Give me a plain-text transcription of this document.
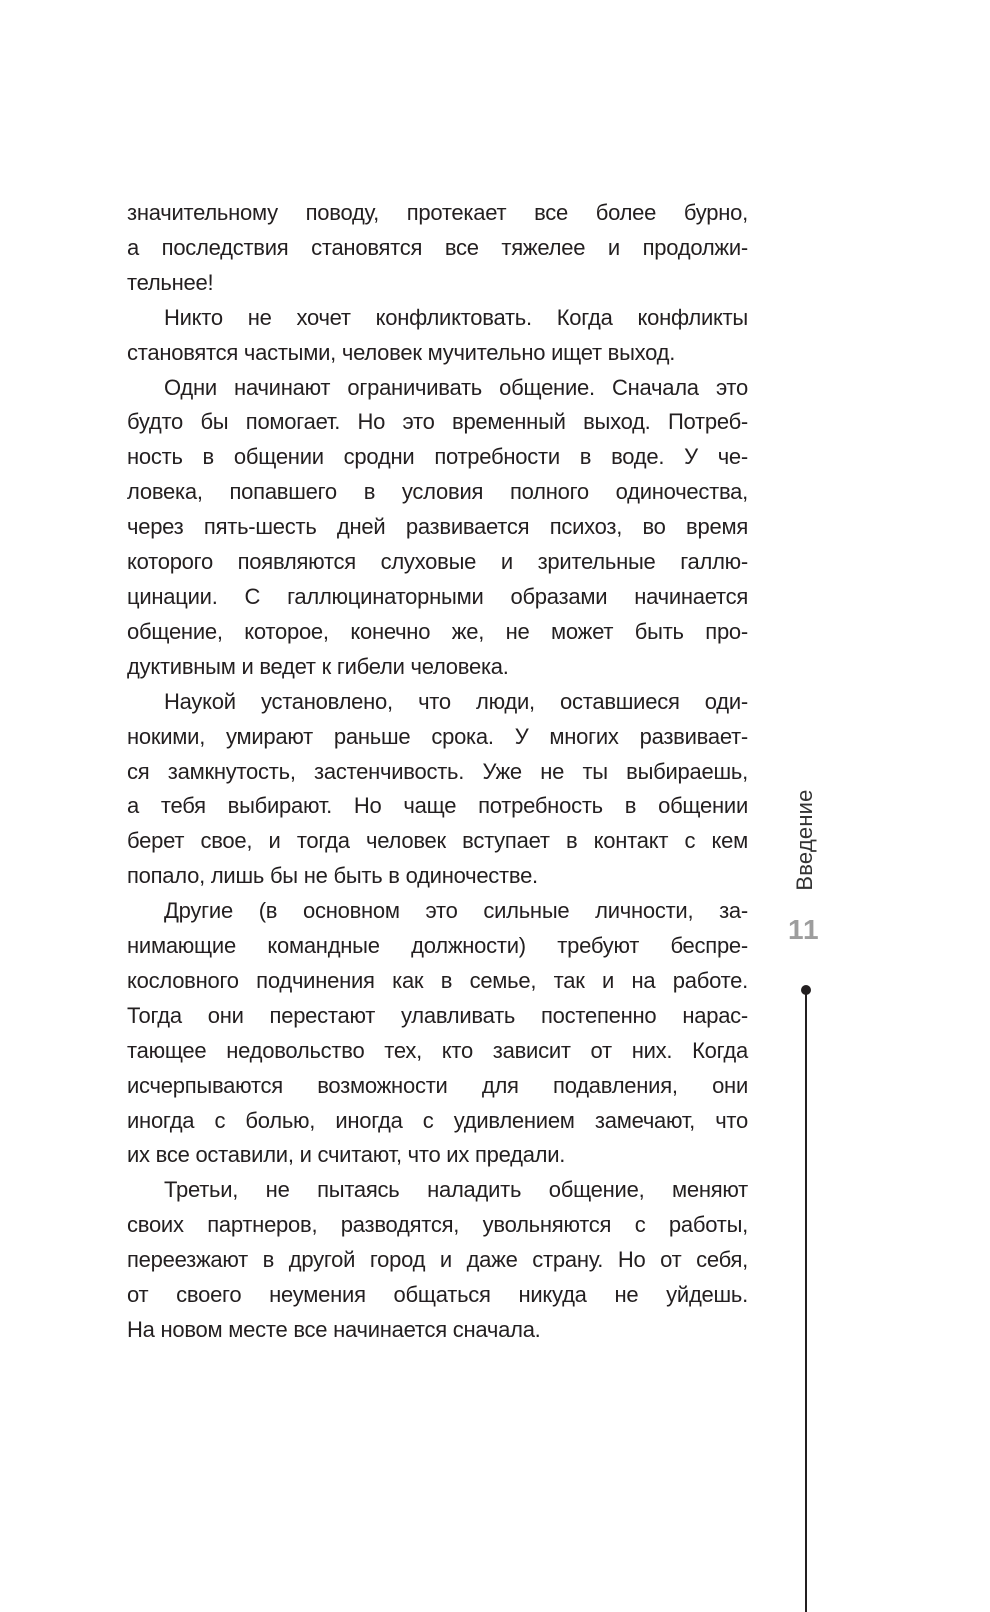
значительному поводу, протекает все более бурно,
а последствия становятся все тяжелее и продолжи-
тельнее!
Никто не хочет конфликтовать. Когда конфликты
становятся частыми, человек мучительно ищет выход.
Одни начинают ограничивать общение. Сначала это
будто бы помогает. Но это временный выход. Потреб-
ность в общении сродни потребности в воде. У че-
ловека, попавшего в условия полного одиночества,
через пять-шесть дней развивается психоз, во время
которого появляются слуховые и зрительные галлю-
цинации. С галлюцинаторными образами начинается
общение, которое, конечно же, не может быть про-
дуктивным и ведет к гибели человека.
Наукой установлено, что люди, оставшиеся оди-
нокими, умирают раньше срока. У многих развивает-
ся замкнутость, застенчивость. Уже не ты выбираешь,
а тебя выбирают. Но чаще потребность в общении
берет свое, и тогда человек вступает в контакт с кем
попало, лишь бы не быть в одиночестве.
Другие (в основном это сильные личности, за-
нимающие командные должности) требуют беспре-
кословного подчинения как в семье, так и на работе.
Тогда они перестают улавливать постепенно нарас-
тающее недовольство тех, кто зависит от них. Когда
исчерпываются возможности для подавления, они
иногда с болью, иногда с удивлением замечают, что
их все оставили, и считают, что их предали.
Третьи, не пытаясь наладить общение, меняют
своих партнеров, разводятся, увольняются с работы,
переезжают в другой город и даже страну. Но от себя,
от своего неумения общаться никуда не уйдешь.
На новом месте все начинается сначала.
Введение
11
